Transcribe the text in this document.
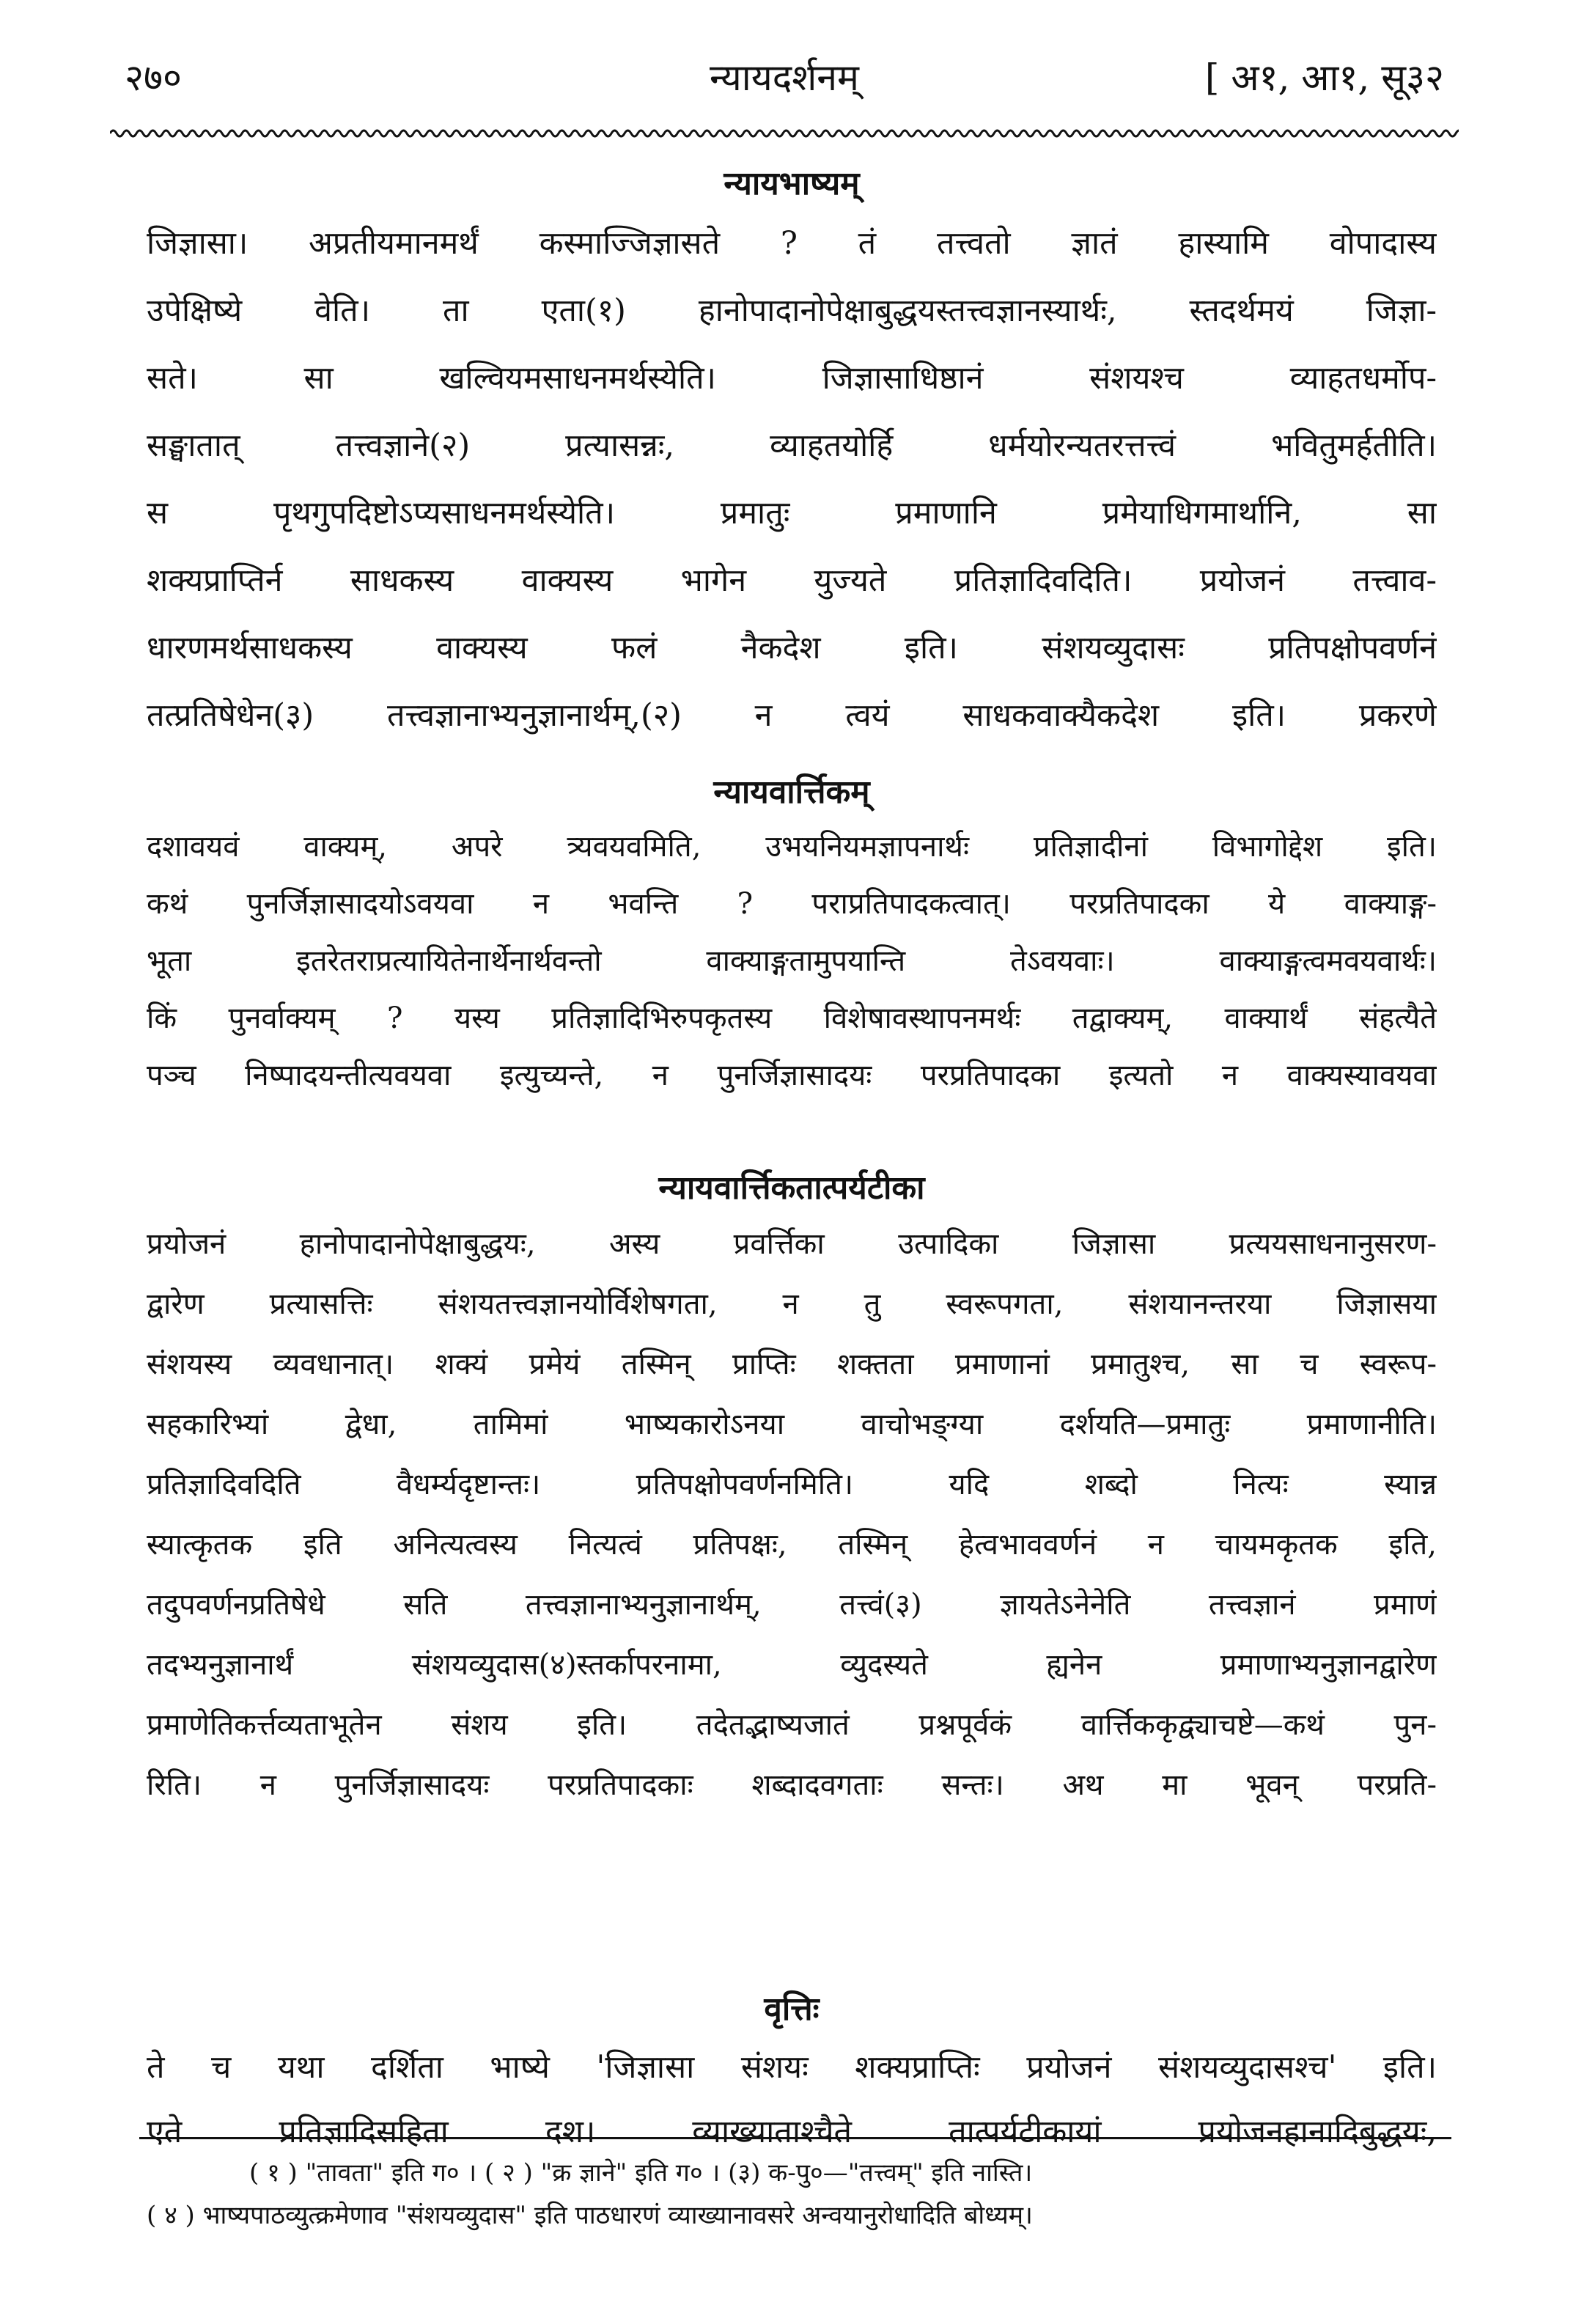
२७०	न्यायदर्शनम्	[ अ१, आ१, सू३२
न्यायभाष्यम्
जिज्ञासा। अप्रतीयमानमर्थं कस्माज्जिज्ञासते ? तं तत्त्वतो ज्ञातं हास्यामि वोपादास्य
उपेक्षिष्ये वेति। ता एता(१) हानोपादानोपेक्षाबुद्धयस्तत्त्वज्ञानस्यार्थः, स्तदर्थमयं जिज्ञा-
सते। सा खल्वियमसाधनमर्थस्येति। जिज्ञासाधिष्ठानं संशयश्च व्याहतधर्मोप-
सङ्घातात् तत्त्वज्ञाने(२) प्रत्यासन्नः, व्याहतयोर्हि धर्मयोरन्यतरत्तत्त्वं भवितुमर्हतीति।
स पृथगुपदिष्टोऽप्यसाधनमर्थस्येति। प्रमातुः प्रमाणानि प्रमेयाधिगमार्थानि, सा
शक्यप्राप्तिर्न साधकस्य वाक्यस्य भागेन युज्यते प्रतिज्ञादिवदिति। प्रयोजनं तत्त्वाव-
धारणमर्थसाधकस्य वाक्यस्य फलं नैकदेश इति। संशयव्युदासः प्रतिपक्षोपवर्णनं
तत्प्रतिषेधेन(३) तत्त्वज्ञानाभ्यनुज्ञानार्थम्,(२) न त्वयं साधकवाक्यैकदेश इति। प्रकरणे
न्यायवार्त्तिकम्
दशावयवं वाक्यम्, अपरे त्र्यवयवमिति, उभयनियमज्ञापनार्थः प्रतिज्ञादीनां विभागोद्देश इति।
कथं पुनर्जिज्ञासादयोऽवयवा न भवन्ति ? पराप्रतिपादकत्वात्। परप्रतिपादका ये वाक्याङ्ग-
भूता इतरेतराप्रत्यायितेनार्थेनार्थवन्तो वाक्याङ्गतामुपयान्ति तेऽवयवाः। वाक्याङ्गत्वमवयवार्थः।
किं पुनर्वाक्यम् ? यस्य प्रतिज्ञादिभिरुपकृतस्य विशेषावस्थापनमर्थः तद्वाक्यम्, वाक्यार्थं संहत्यैते
पञ्च निष्पादयन्तीत्यवयवा इत्युच्यन्ते, न पुनर्जिज्ञासादयः परप्रतिपादका इत्यतो न वाक्यस्यावयवा
न्यायवार्त्तिकतात्पर्यटीका
प्रयोजनं हानोपादानोपेक्षाबुद्धयः, अस्य प्रवर्त्तिका उत्पादिका जिज्ञासा प्रत्ययसाधनानुसरण-
द्वारेण प्रत्यासत्तिः संशयतत्त्वज्ञानयोर्विशेषगता, न तु स्वरूपगता, संशयानन्तरया जिज्ञासया
संशयस्य व्यवधानात्। शक्यं प्रमेयं तस्मिन् प्राप्तिः शक्तता प्रमाणानां प्रमातुश्च, सा च स्वरूप-
सहकारिभ्यां द्वेधा, तामिमां भाष्यकारोऽनया वाचोभङ्ग्या दर्शयति—प्रमातुः प्रमाणानीति।
प्रतिज्ञादिवदिति वैधर्म्यदृष्टान्तः। प्रतिपक्षोपवर्णनमिति। यदि शब्दो नित्यः स्यान्न
स्यात्कृतक इति अनित्यत्वस्य नित्यत्वं प्रतिपक्षः, तस्मिन् हेत्वभाववर्णनं न चायमकृतक इति,
तदुपवर्णनप्रतिषेधे सति तत्त्वज्ञानाभ्यनुज्ञानार्थम्, तत्त्वं(३) ज्ञायतेऽनेनेति तत्त्वज्ञानं प्रमाणं
तदभ्यनुज्ञानार्थं संशयव्युदास(४)स्तर्कापरनामा, व्युदस्यते ह्यनेन प्रमाणाभ्यनुज्ञानद्वारेण
प्रमाणेतिकर्त्तव्यताभूतेन संशय इति। तदेतद्भाष्यजातं प्रश्नपूर्वकं वार्त्तिककृद्व्याचष्टे—कथं पुन-
रिति। न पुनर्जिज्ञासादयः परप्रतिपादकाः शब्दादवगताः सन्तः। अथ मा भूवन् परप्रति-
वृत्तिः
ते च यथा दर्शिता भाष्ये 'जिज्ञासा संशयः शक्यप्राप्तिः प्रयोजनं संशयव्युदासश्च' इति।
एते प्रतिज्ञादिसहिता दश। व्याख्याताश्चैते तात्पर्यटीकायां प्रयोजनहानादिबुद्धयः,
( १ ) "तावता" इति ग० । ( २ ) "क्र ज्ञाने" इति ग० । (३) क-पु०—"तत्त्वम्" इति नास्ति।
( ४ ) भाष्यपाठव्युत्क्रमेणाव "संशयव्युदास" इति पाठधारणं व्याख्यानावसरे अन्वयानुरोधादिति बोध्यम्।
